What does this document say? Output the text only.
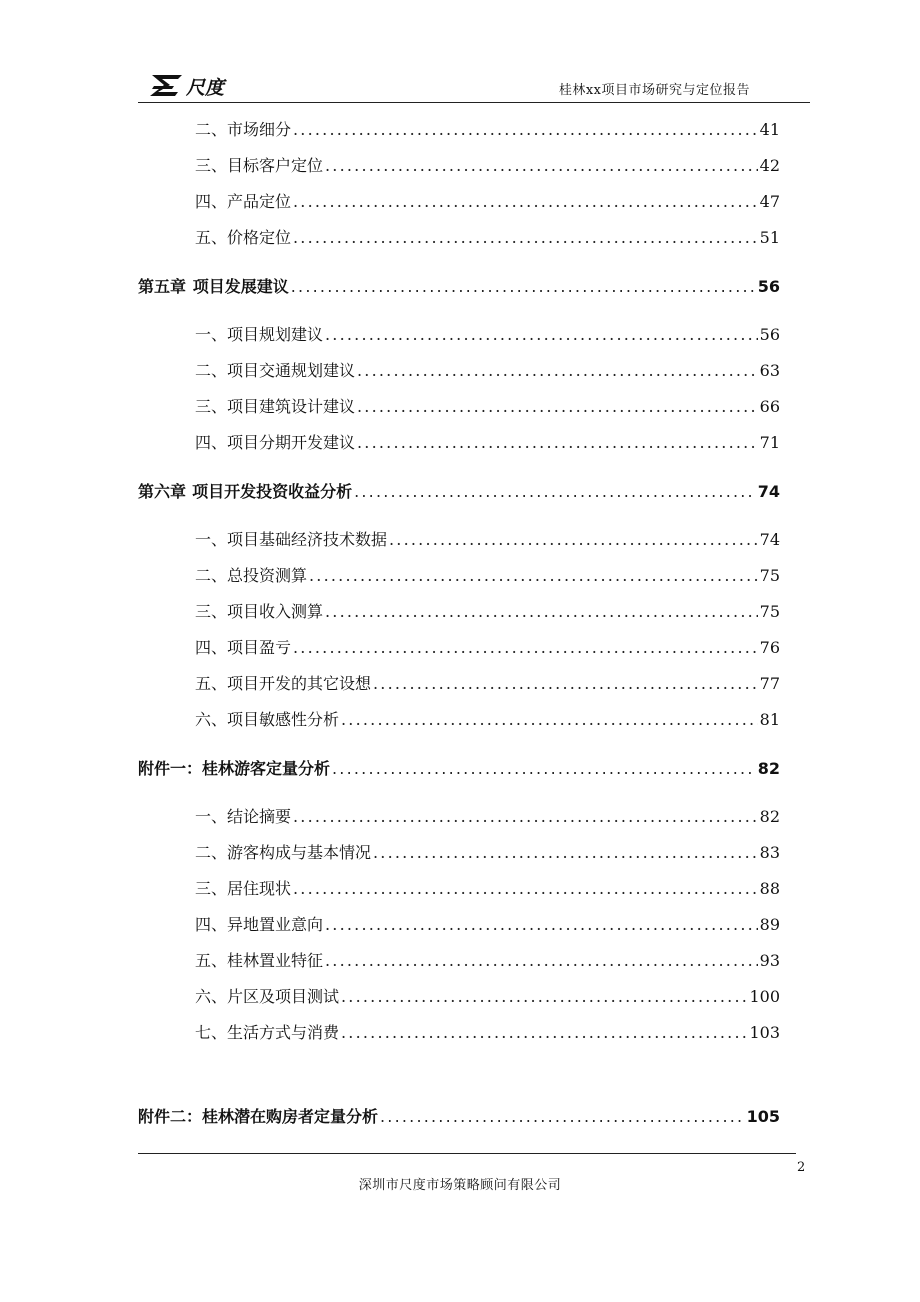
尺度	桂林xx项目市场研究与定位报告
二、市场细分 .....	41
三、目标客户定位 .....	42
四、产品定位 .....	47
五、价格定位 .....	51
第五章 项目发展建议 .....	56
一、项目规划建议 .....	56
二、项目交通规划建议 .....	63
三、项目建筑设计建议 .....	66
四、项目分期开发建议 .....	71
第六章 项目开发投资收益分析 .....	74
一、项目基础经济技术数据 .....	74
二、总投资测算 .....	75
三、项目收入测算 .....	75
四、项目盈亏 .....	76
五、项目开发的其它设想 .....	77
六、项目敏感性分析 .....	81
附件一：桂林游客定量分析 .....	82
一、结论摘要 .....	82
二、游客构成与基本情况 .....	83
三、居住现状 .....	88
四、异地置业意向 .....	89
五、桂林置业特征 .....	93
六、片区及项目测试 .....	100
七、生活方式与消费 .....	103
附件二：桂林潜在购房者定量分析 .....	105
2
深圳市尺度市场策略顾问有限公司
